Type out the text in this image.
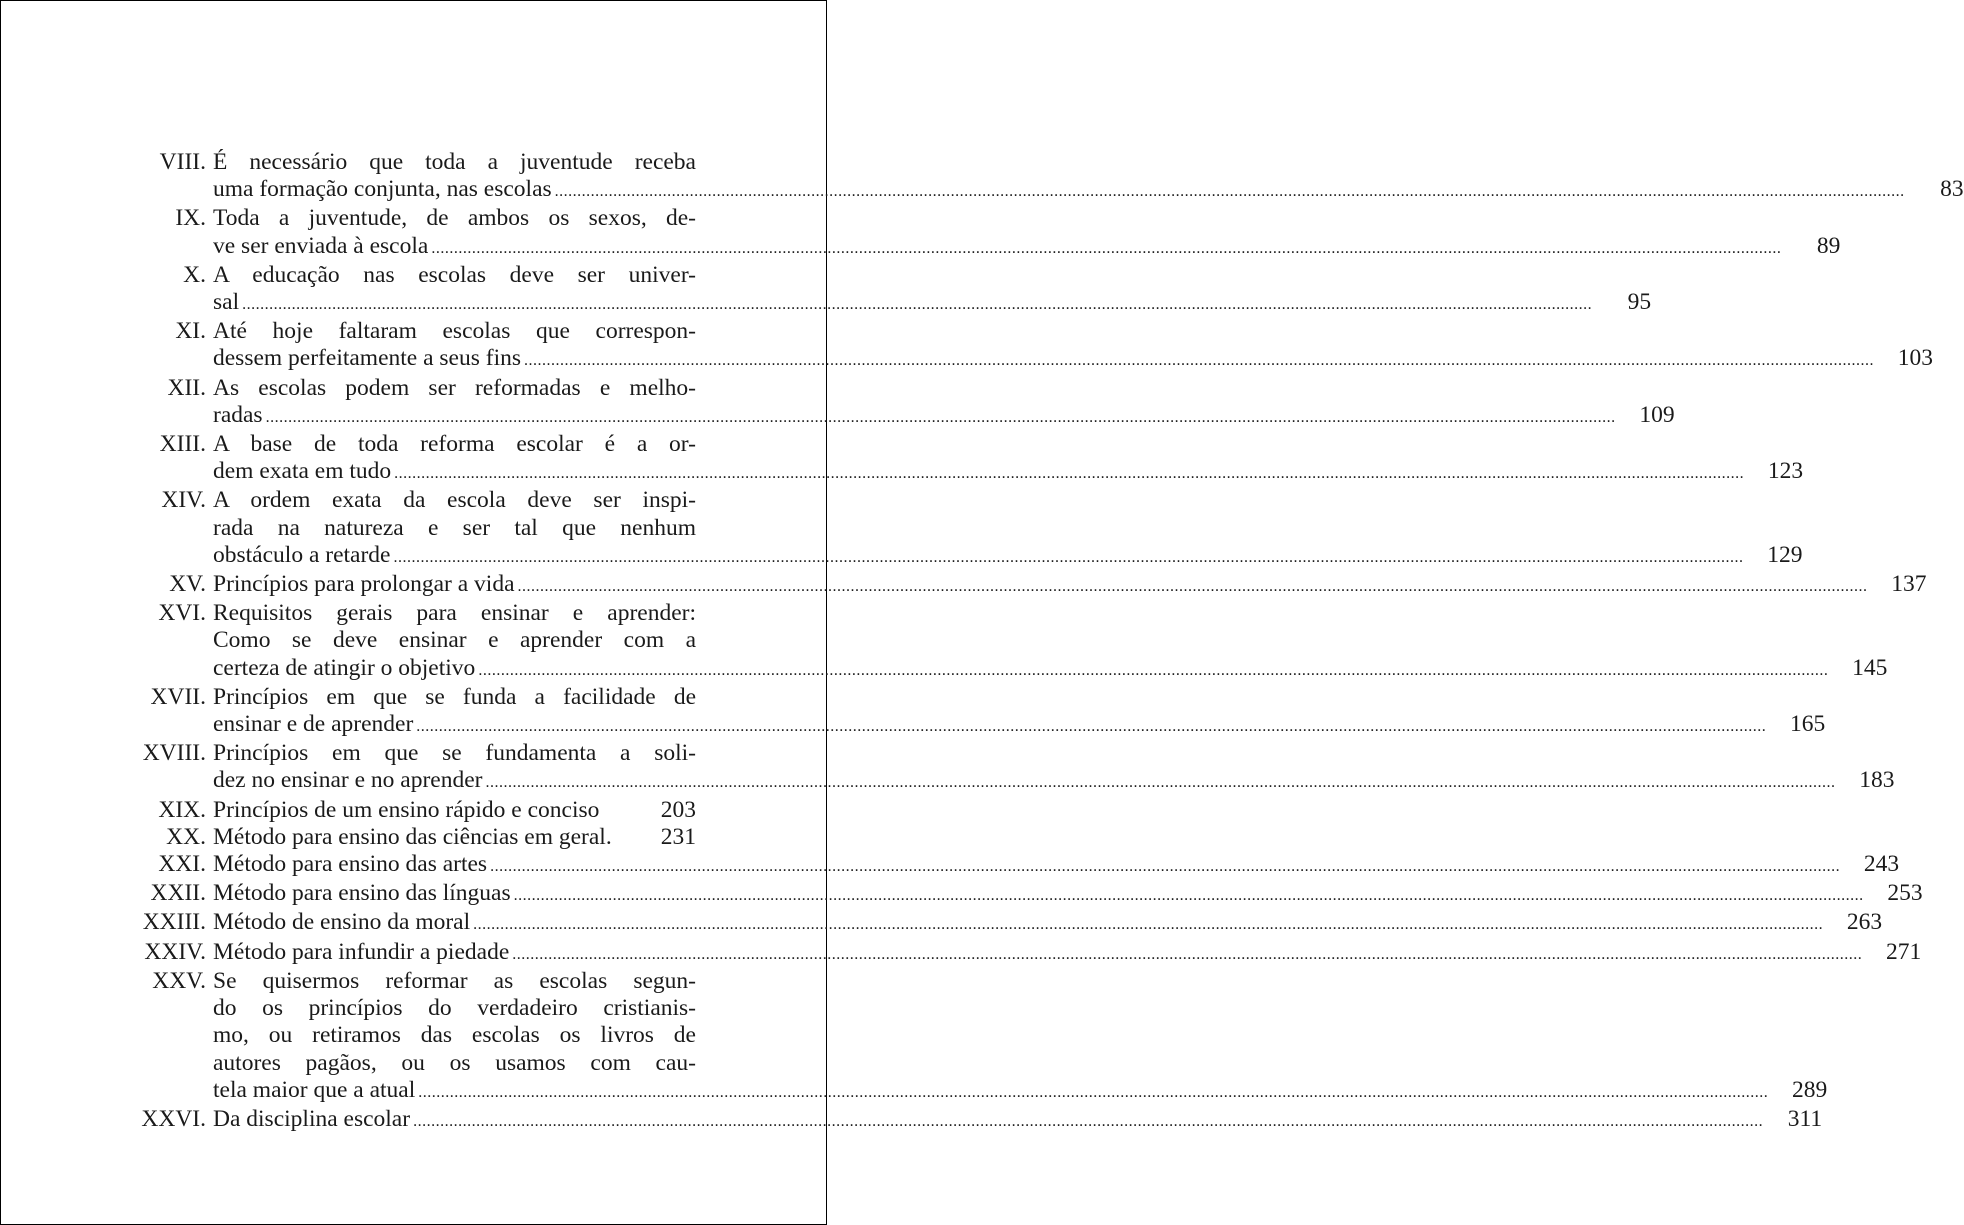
VIII. É necessário que toda a juventude receba
uma formação conjunta, nas escolas ............................................................................................................................................................................................................................................................................................................	83
IX. Toda a juventude, de ambos os sexos, de-
ve ser enviada à escola ............................................................................................................................................................................................................................................................................................................	89
X. A educação nas escolas deve ser univer-
sal ............................................................................................................................................................................................................................................................................................................	95
XI. Até hoje faltaram escolas que correspon-
dessem perfeitamente a seus fins ............................................................................................................................................................................................................................................................................................................	103
XII. As escolas podem ser reformadas e melho-
radas ............................................................................................................................................................................................................................................................................................................	109
XIII. A base de toda reforma escolar é a or-
dem exata em tudo ............................................................................................................................................................................................................................................................................................................	123
XIV. A ordem exata da escola deve ser inspi-
rada na natureza e ser tal que nenhum
obstáculo a retarde ............................................................................................................................................................................................................................................................................................................	129
XV. Princípios para prolongar a vida ............................................................................................................................................................................................................................................................................................................	137
XVI. Requisitos gerais para ensinar e aprender:
Como se deve ensinar e aprender com a
certeza de atingir o objetivo ............................................................................................................................................................................................................................................................................................................	145
XVII. Princípios em que se funda a facilidade de
ensinar e de aprender ............................................................................................................................................................................................................................................................................................................	165
XVIII. Princípios em que se fundamenta a soli-
dez no ensinar e no aprender ............................................................................................................................................................................................................................................................................................................	183
XIX. Princípios de um ensino rápido e conciso	203
XX. Método para ensino das ciências em geral.	231
XXI. Método para ensino das artes ............................................................................................................................................................................................................................................................................................................	243
XXII. Método para ensino das línguas ............................................................................................................................................................................................................................................................................................................	253
XXIII. Método de ensino da moral ............................................................................................................................................................................................................................................................................................................	263
XXIV. Método para infundir a piedade ............................................................................................................................................................................................................................................................................................................	271
XXV. Se quisermos reformar as escolas segun-
do os princípios do verdadeiro cristianis-
mo, ou retiramos das escolas os livros de
autores pagãos, ou os usamos com cau-
tela maior que a atual ............................................................................................................................................................................................................................................................................................................	289
XXVI. Da disciplina escolar ............................................................................................................................................................................................................................................................................................................	311
